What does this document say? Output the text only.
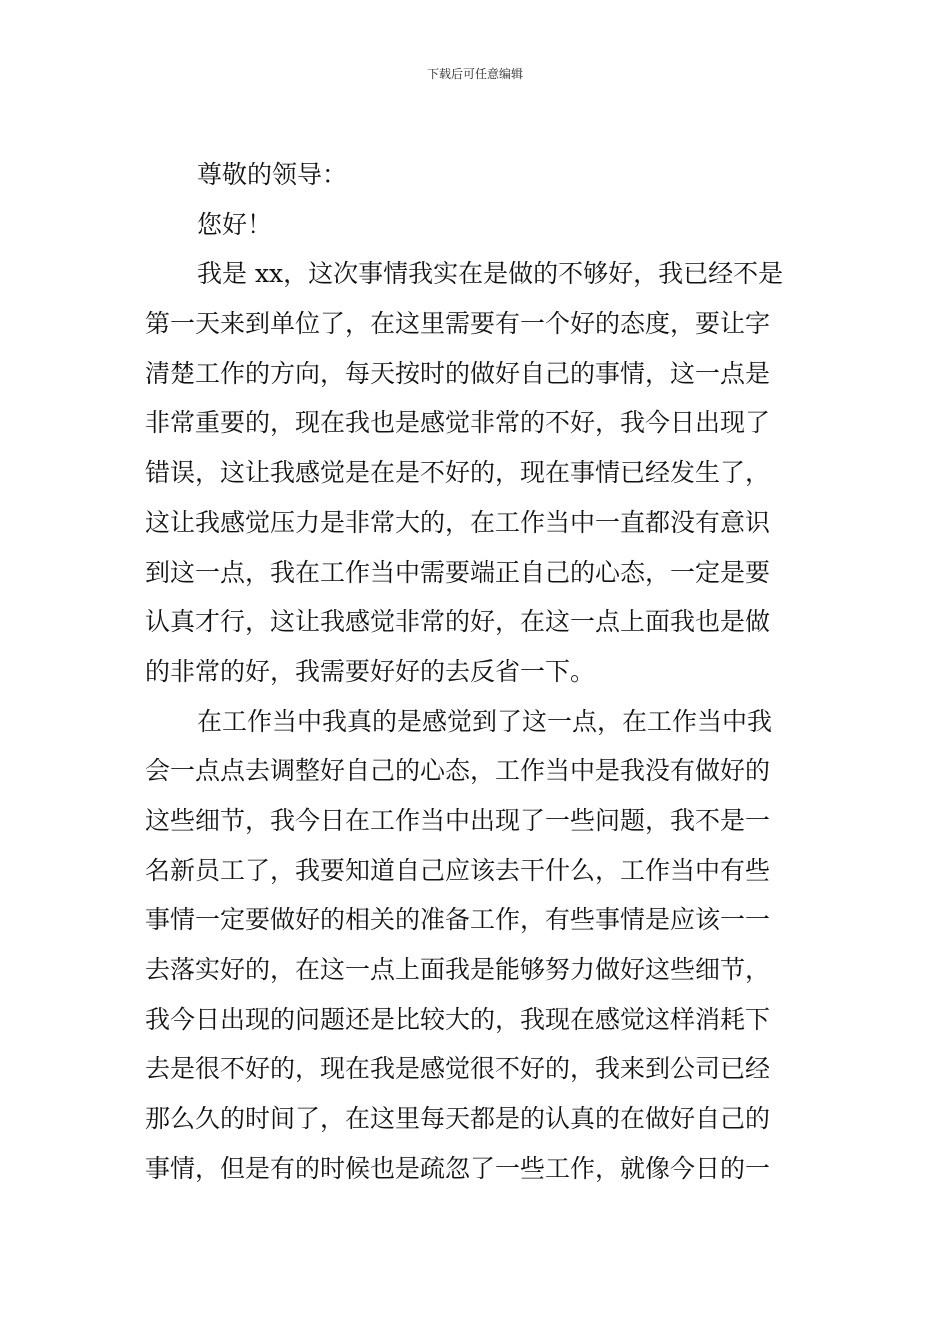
下载后可任意编辑
尊敬的领导：
您好！
我是 xx，这次事情我实在是做的不够好，我已经不是
第一天来到单位了，在这里需要有一个好的态度，要让字
清楚工作的方向，每天按时的做好自己的事情，这一点是
非常重要的，现在我也是感觉非常的不好，我今日出现了
错误，这让我感觉是在是不好的，现在事情已经发生了，
这让我感觉压力是非常大的，在工作当中一直都没有意识
到这一点，我在工作当中需要端正自己的心态，一定是要
认真才行，这让我感觉非常的好，在这一点上面我也是做
的非常的好，我需要好好的去反省一下。
在工作当中我真的是感觉到了这一点，在工作当中我
会一点点去调整好自己的心态，工作当中是我没有做好的
这些细节，我今日在工作当中出现了一些问题，我不是一
名新员工了，我要知道自己应该去干什么，工作当中有些
事情一定要做好的相关的准备工作，有些事情是应该一一
去落实好的，在这一点上面我是能够努力做好这些细节，
我今日出现的问题还是比较大的，我现在感觉这样消耗下
去是很不好的，现在我是感觉很不好的，我来到公司已经
那么久的时间了，在这里每天都是的认真的在做好自己的
事情，但是有的时候也是疏忽了一些工作，就像今日的一
